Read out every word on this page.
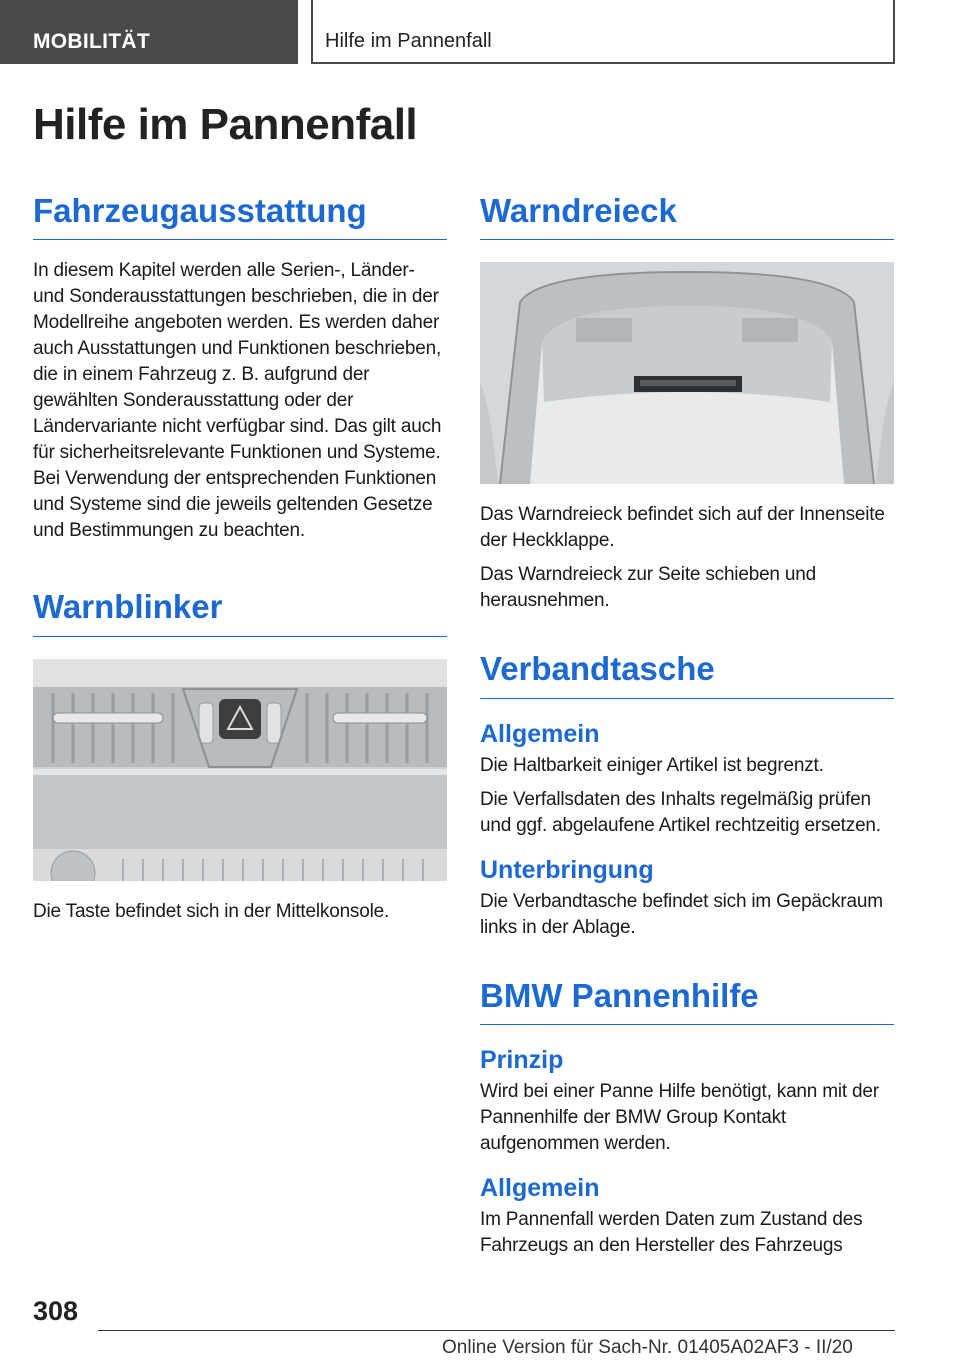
MOBILITÄT	Hilfe im Pannenfall
Hilfe im Pannenfall
Fahrzeugausstattung

In diesem Kapitel werden alle Serien-, Länder- und Sonderausstattungen beschrieben, die in der Modellreihe angeboten werden. Es werden daher auch Ausstattungen und Funktionen beschrieben, die in einem Fahrzeug z. B. aufgrund der gewählten Sonderausstattung oder der Ländervariante nicht verfügbar sind. Das gilt auch für sicherheitsrelevante Funktionen und Systeme. Bei Verwendung der entsprechenden Funktionen und Systeme sind die jeweils geltenden Gesetze und Bestimmungen zu beachten.

Warnblinker

Die Taste befindet sich in der Mittelkonsole.

Warndreieck

Das Warndreieck befindet sich auf der Innenseite der Heckklappe.

Das Warndreieck zur Seite schieben und herausnehmen.

Verbandtasche
Allgemein

Die Haltbarkeit einiger Artikel ist begrenzt.

Die Verfallsdaten des Inhalts regelmäßig prüfen und ggf. abgelaufene Artikel rechtzeitig ersetzen.

Unterbringung

Die Verbandtasche befindet sich im Gepäckraum links in der Ablage.

BMW Pannenhilfe
Prinzip

Wird bei einer Panne Hilfe benötigt, kann mit der Pannenhilfe der BMW Group Kontakt aufgenommen werden.

Allgemein

Im Pannenfall werden Daten zum Zustand des Fahrzeugs an den Hersteller des Fahrzeugs

308
Online Version für Sach-Nr. 01405A02AF3 - II/20
